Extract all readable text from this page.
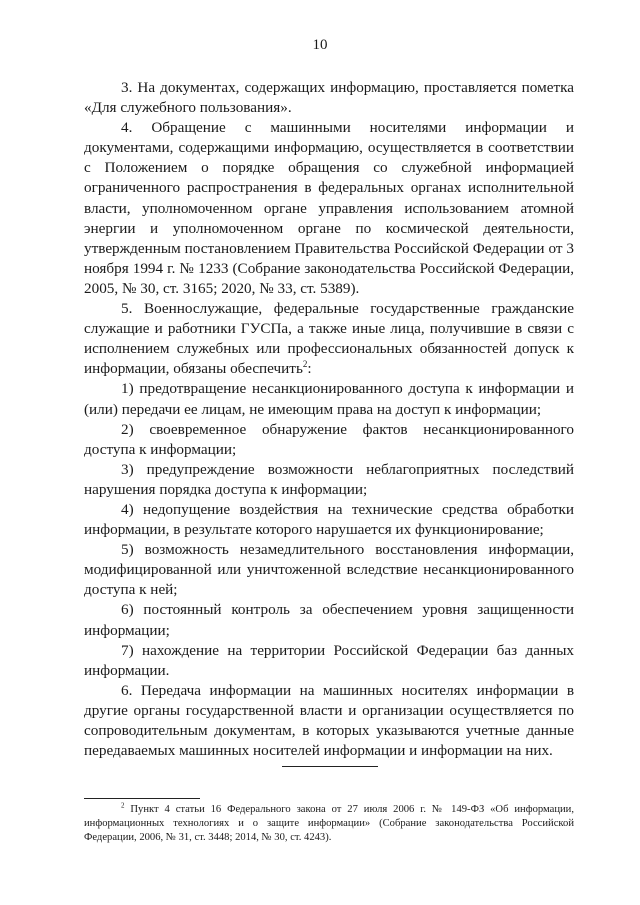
10

3. На документах, содержащих информацию, проставляется пометка «Для служебного пользования».

4. Обращение с машинными носителями информации и документами, содержащими информацию, осуществляется в соответствии с Положением о порядке обращения со служебной информацией ограниченного распространения в федеральных органах исполнительной власти, уполномоченном органе управления использованием атомной энергии и уполномоченном органе по космической деятельности, утвержденным постановлением Правительства Российской Федерации от 3 ноября 1994 г. № 1233 (Собрание законодательства Российской Федерации, 2005, № 30, ст. 3165; 2020, № 33, ст. 5389).

5. Военнослужащие, федеральные государственные гражданские служащие и работники ГУСПа, а также иные лица, получившие в связи с исполнением служебных или профессиональных обязанностей допуск к информации, обязаны обеспечить$^2$:

1) предотвращение несанкционированного доступа к информации и (или) передачи ее лицам, не имеющим права на доступ к информации;

2) своевременное обнаружение фактов несанкционированного доступа к информации;

3) предупреждение возможности неблагоприятных последствий нарушения порядка доступа к информации;

4) недопущение воздействия на технические средства обработки информации, в результате которого нарушается их функционирование;

5) возможность незамедлительного восстановления информации, модифицированной или уничтоженной вследствие несанкционированного доступа к ней;

6) постоянный контроль за обеспечением уровня защищенности информации;

7) нахождение на территории Российской Федерации баз данных информации.

6. Передача информации на машинных носителях информации в другие органы государственной власти и организации осуществляется по сопроводительным документам, в которых указываются учетные данные передаваемых машинных носителей информации и информации на них.

$^2$ Пункт 4 статьи 16 Федерального закона от 27 июля 2006 г. № 149-ФЗ «Об информации, информационных технологиях и о защите информации» (Собрание законодательства Российской Федерации, 2006, № 31, ст. 3448; 2014, № 30, ст. 4243).
